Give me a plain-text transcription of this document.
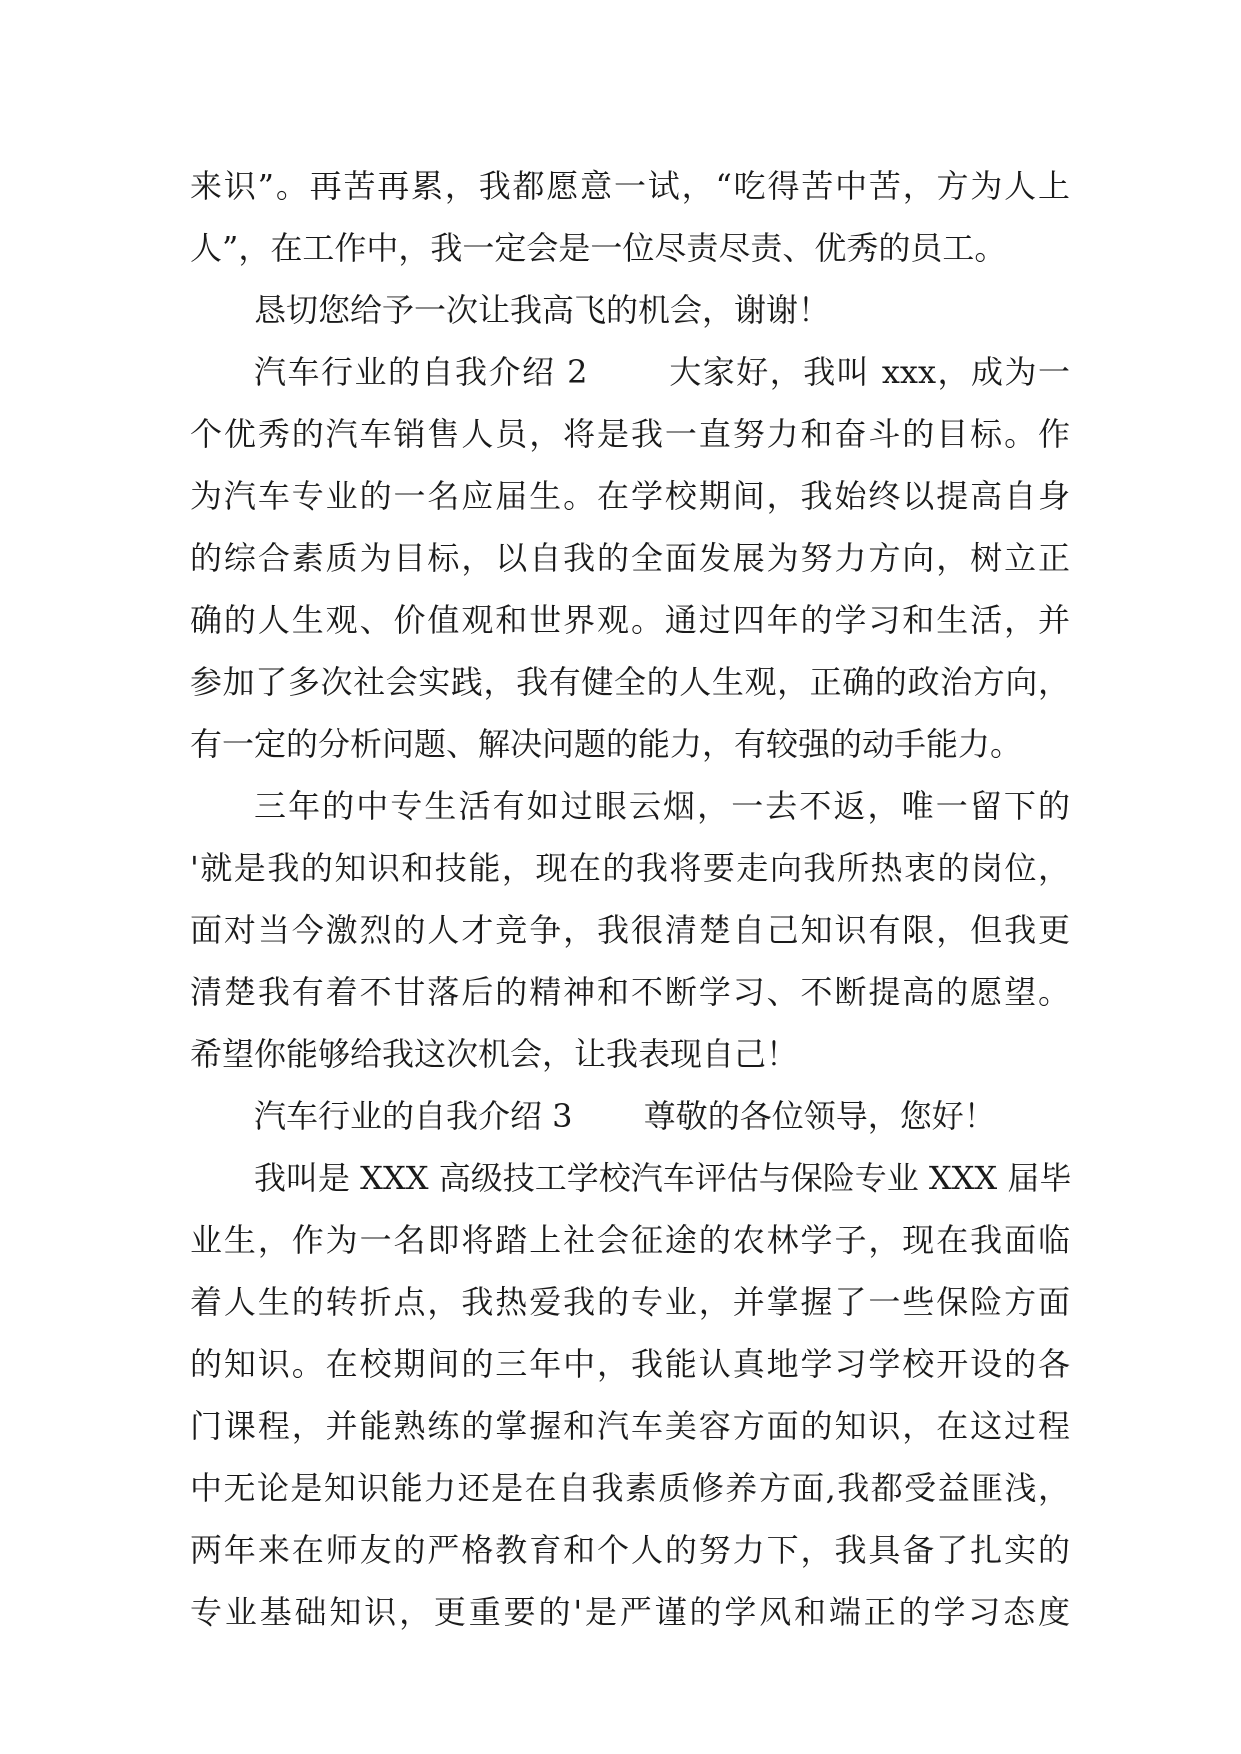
来识”。再苦再累，我都愿意一试，“吃得苦中苦，方为人上
人”，在工作中，我一定会是一位尽责尽责、优秀的员工。
恳切您给予一次让我高飞的机会，谢谢！
汽车行业的自我介绍 2       大家好，我叫 xxx，成为一
个优秀的汽车销售人员，将是我一直努力和奋斗的目标。作
为汽车专业的一名应届生。在学校期间，我始终以提高自身
的综合素质为目标，以自我的全面发展为努力方向，树立正
确的人生观、价值观和世界观。通过四年的学习和生活，并
参加了多次社会实践，我有健全的人生观，正确的政治方向，
有一定的分析问题、解决问题的能力，有较强的动手能力。
三年的中专生活有如过眼云烟，一去不返，唯一留下的
'就是我的知识和技能，现在的我将要走向我所热衷的岗位，
面对当今激烈的人才竞争，我很清楚自己知识有限，但我更
清楚我有着不甘落后的精神和不断学习、不断提高的愿望。
希望你能够给我这次机会，让我表现自己！
汽车行业的自我介绍 3       尊敬的各位领导，您好！
我叫是 XXX 高级技工学校汽车评估与保险专业 XXX 届毕
业生，作为一名即将踏上社会征途的农林学子，现在我面临
着人生的转折点，我热爱我的专业，并掌握了一些保险方面
的知识。在校期间的三年中，我能认真地学习学校开设的各
门课程，并能熟练的掌握和汽车美容方面的知识，在这过程
中无论是知识能力还是在自我素质修养方面,我都受益匪浅，
两年来在师友的严格教育和个人的努力下，我具备了扎实的
专业基础知识，更重要的'是严谨的学风和端正的学习态度
